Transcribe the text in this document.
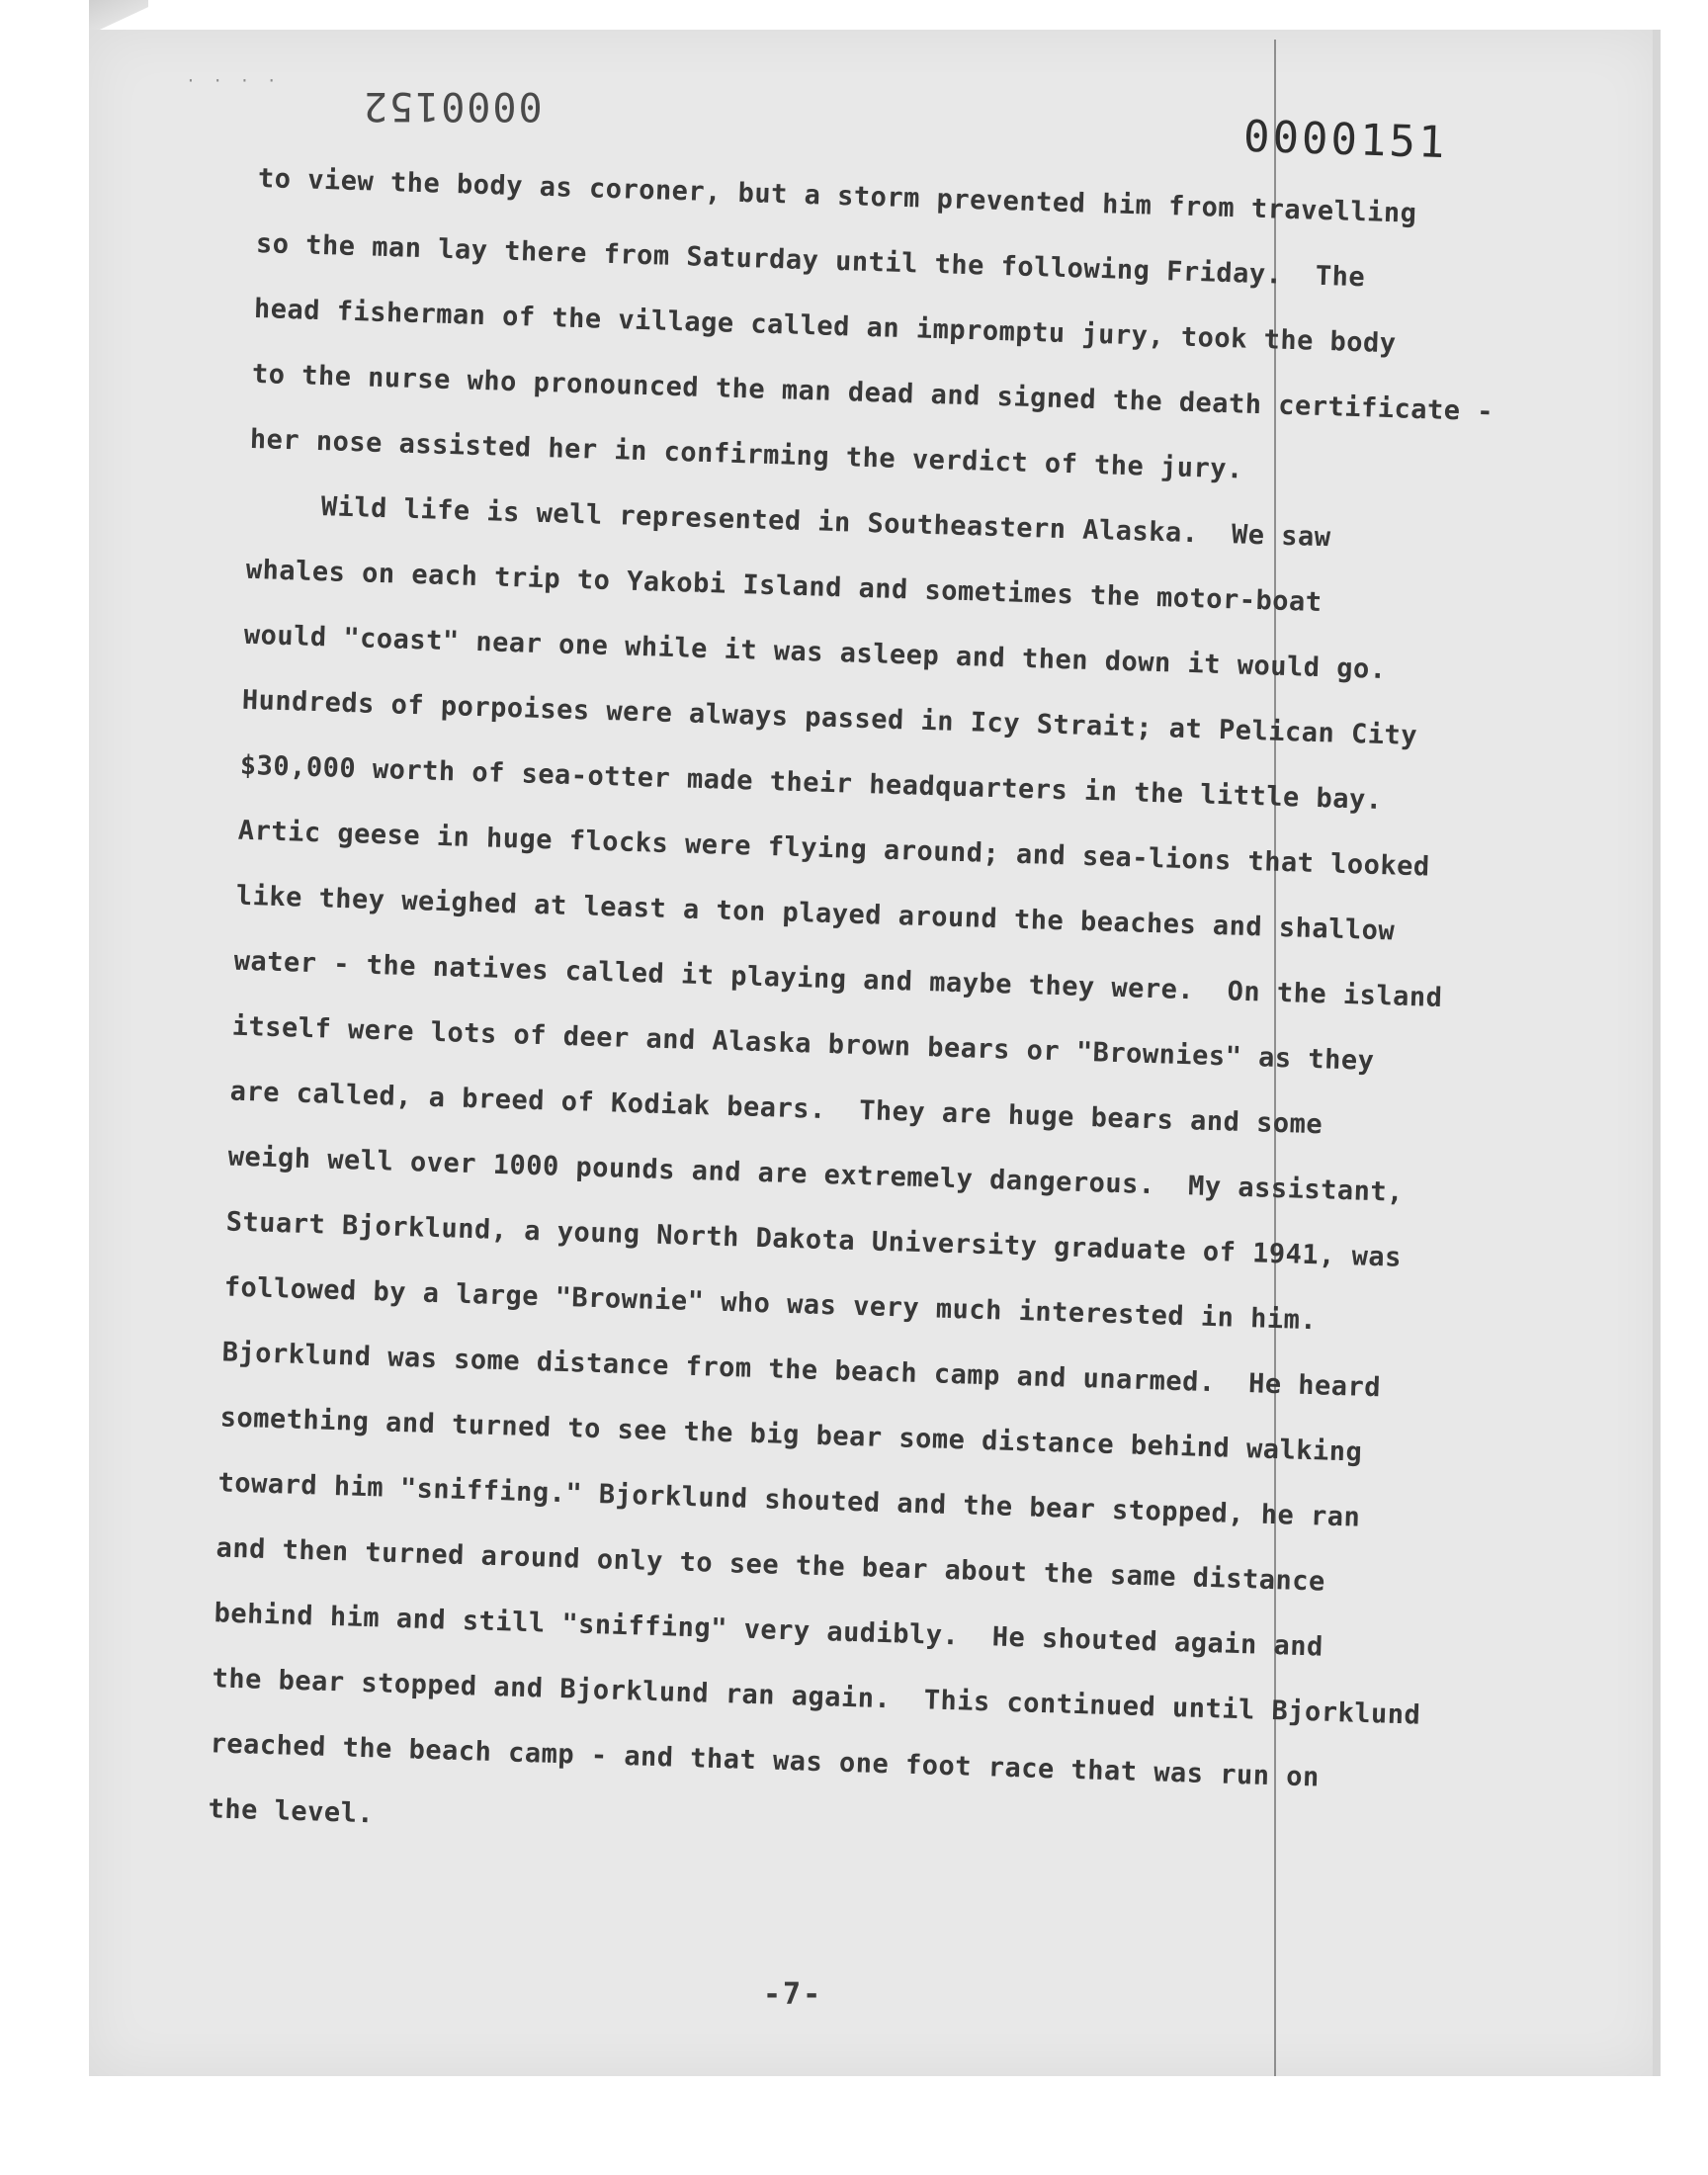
⋅ ⋅ ⋅ ⋅
0000152
0000151
to view the body as coroner, but a storm prevented him from travelling
so the man lay there from Saturday until the following Friday.  The
head fisherman of the village called an impromptu jury, took the body
to the nurse who pronounced the man dead and signed the death certificate -
her nose assisted her in confirming the verdict of the jury.
Wild life is well represented in Southeastern Alaska.  We saw
whales on each trip to Yakobi Island and sometimes the motor-boat
would "coast" near one while it was asleep and then down it would go.
Hundreds of porpoises were always passed in Icy Strait; at Pelican City
$30,000 worth of sea-otter made their headquarters in the little bay.
Artic geese in huge flocks were flying around; and sea-lions that looked
like they weighed at least a ton played around the beaches and shallow
water - the natives called it playing and maybe they were.  On the island
itself were lots of deer and Alaska brown bears or "Brownies" as they
are called, a breed of Kodiak bears.  They are huge bears and some
weigh well over 1000 pounds and are extremely dangerous.  My assistant,
Stuart Bjorklund, a young North Dakota University graduate of 1941, was
followed by a large "Brownie" who was very much interested in him.
Bjorklund was some distance from the beach camp and unarmed.  He heard
something and turned to see the big bear some distance behind walking
toward him "sniffing." Bjorklund shouted and the bear stopped, he ran
and then turned around only to see the bear about the same distance
behind him and still "sniffing" very audibly.  He shouted again and
the bear stopped and Bjorklund ran again.  This continued until Bjorklund
reached the beach camp - and that was one foot race that was run on
the level.
-7-
